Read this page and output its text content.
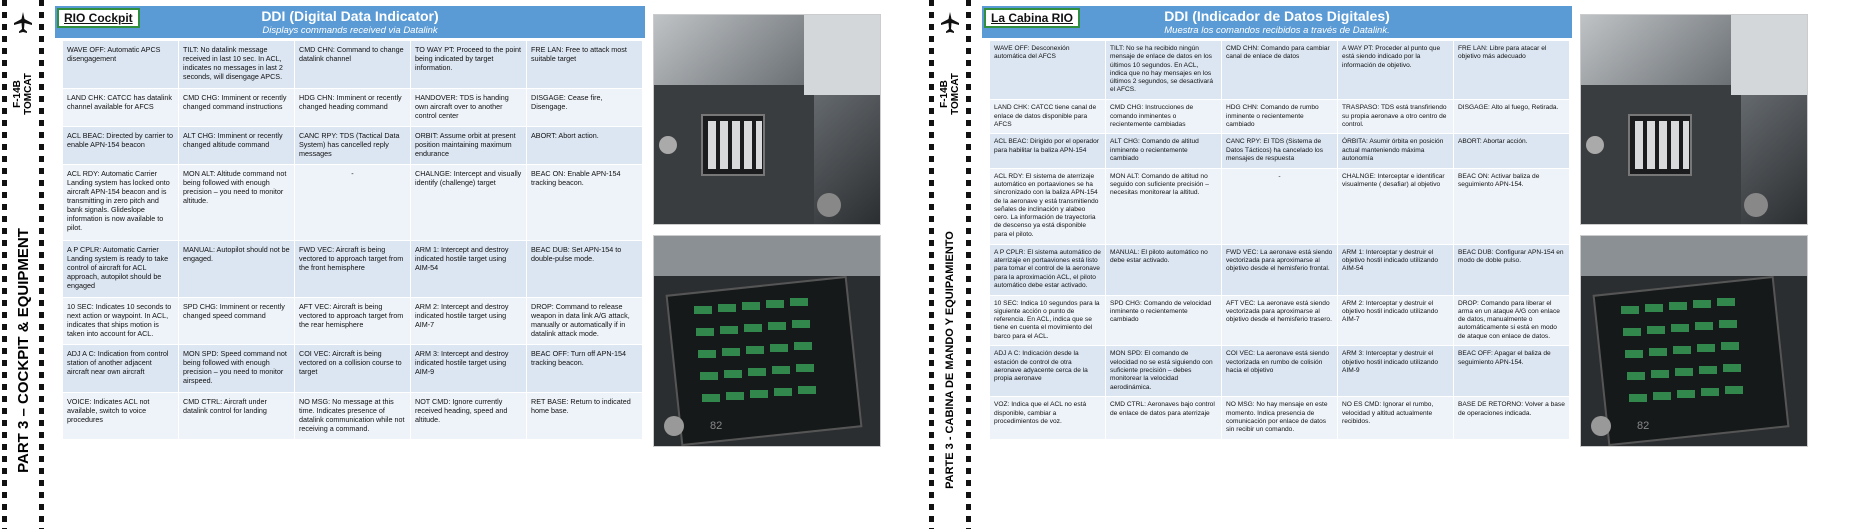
F-14B
TOMCAT
PART 3 – COCKPIT & EQUIPMENT
RIO Cockpit	DDI (Digital Data Indicator)
Displays commands received via Datalink
WAVE OFF: Automatic APCS disengagement	TILT: No datalink message received in last 10 sec. In ACL, indicates no messages in last 2 seconds, will disengage APCS.	CMD CHN: Command to change datalink channel	TO WAY PT: Proceed to the point being indicated by target information.	FRE LAN: Free to attack most suitable target
LAND CHK: CATCC has datalink channel available for AFCS	CMD CHG: Imminent or recently changed command instructions	HDG CHN: Imminent or recently changed heading command	HANDOVER: TDS is handing own aircraft over to another control center	DISGAGE: Cease fire, Disengage.
ACL BEAC: Directed by carrier to enable APN-154 beacon	ALT CHG: Imminent or recently changed altitude command	CANC RPY: TDS (Tactical Data System) has cancelled reply messages	ORBIT: Assume orbit at present position maintaining maximum endurance	ABORT: Abort action.
ACL RDY: Automatic Carrier Landing system has locked onto aircraft APN-154 beacon and is transmitting in zero pitch and bank signals. Glideslope information is now available to pilot.	MON ALT: Altitude command not being followed with enough precision – you need to monitor altitude.	-	CHALNGE: Intercept and visually identify (challenge) target	BEAC ON: Enable APN-154 tracking beacon.
A P CPLR: Automatic Carrier Landing system is ready to take control of aircraft for ACL approach, autopilot should be engaged	MANUAL: Autopilot should not be engaged.	FWD VEC: Aircraft is being vectored to approach target from the front hemisphere	ARM 1: Intercept and destroy indicated hostile target using AIM-54	BEAC DUB: Set APN-154 to double-pulse mode.
10 SEC: Indicates 10 seconds to next action or waypoint. In ACL, indicates that ships motion is taken into account for ACL.	SPD CHG: Imminent or recently changed speed command	AFT VEC: Aircraft is being vectored to approach target from the rear hemisphere	ARM 2: Intercept and destroy indicated hostile target using AIM-7	DROP: Command to release weapon in data link A/G attack, manually or automatically if in datalink attack mode.
ADJ A C: Indication from control station of another adjacent aircraft near own aircraft	MON SPD: Speed command not being followed with enough precision – you need to monitor airspeed.	COI VEC: Aircraft is being vectored on a collision course to target	ARM 3: Intercept and destroy indicated hostile target using AIM-9	BEAC OFF: Turn off APN-154 tracking beacon.
VOICE: Indicates ACL not available, switch to voice procedures	CMD CTRL: Aircraft under datalink control for landing	NO MSG: No message at this time. Indicates presence of datalink communication while not receiving a command.	NOT CMD: Ignore currently received heading, speed and altitude.	RET BASE: Return to indicated home base.
82
F-14B
TOMCAT
PARTE 3 - CABINA DE MANDO Y EQUIPAMIENTO
La Cabina RIO	DDI (Indicador de Datos Digitales)
Muestra los comandos recibidos a través de Datalink.
WAVE OFF: Desconexión automática del AFCS	TILT: No se ha recibido ningún mensaje de enlace de datos en los últimos 10 segundos. En ACL, indica que no hay mensajes en los últimos 2 segundos, se desactivará el AFCS.	CMD CHN: Comando para cambiar canal de enlace de datos	A WAY PT: Proceder al punto que está siendo indicado por la información de objetivo.	FRE LAN: Libre para atacar el objetivo más adecuado
LAND CHK: CATCC tiene canal de enlace de datos disponible para AFCS	CMD CHG: Instrucciones de comando inminentes o recientemente cambiadas	HDG CHN: Comando de rumbo inminente o recientemente cambiado	TRASPASO: TDS está transfiriendo su propia aeronave a otro centro de control.	DISGAGE: Alto al fuego, Retirada.
ACL BEAC: Dirigido por el operador para habilitar la baliza APN-154	ALT CHG: Comando de altitud inminente o recientemente cambiado	CANC RPY: El TDS (Sistema de Datos Tácticos) ha cancelado los mensajes de respuesta	ÓRBITA: Asumir órbita en posición actual manteniendo máxima autonomía	ABORT: Abortar acción.
ACL RDY: El sistema de aterrizaje automático en portaaviones se ha sincronizado con la baliza APN-154 de la aeronave y está transmitiendo señales de inclinación y alabeo cero. La información de trayectoria de descenso ya está disponible para el piloto.	MON ALT: Comando de altitud no seguido con suficiente precisión – necesitas monitorear la altitud.	-	CHALNGE: Interceptar e identificar visualmente ( desafiar) al objetivo	BEAC ON: Activar baliza de seguimiento APN-154.
A P CPLR: El sistema automático de aterrizaje en portaaviones está listo para tomar el control de la aeronave para la aproximación ACL, el piloto automático debe estar activado.	MANUAL: El piloto automático no debe estar activado.	FWD VEC: La aeronave está siendo vectorizada para aproximarse al objetivo desde el hemisferio frontal.	ARM 1: Interceptar y destruir el objetivo hostil indicado utilizando AIM-54	BEAC DUB: Configurar APN-154 en modo de doble pulso.
10 SEC: Indica 10 segundos para la siguiente acción o punto de referencia. En ACL, indica que se tiene en cuenta el movimiento del barco para el ACL.	SPD CHG: Comando de velocidad inminente o recientemente cambiado	AFT VEC: La aeronave está siendo vectorizada para aproximarse al objetivo desde el hemisferio trasero.	ARM 2: Interceptar y destruir el objetivo hostil indicado utilizando AIM-7	DROP: Comando para liberar el arma en un ataque A/G con enlace de datos, manualmente o automáticamente si está en modo de ataque con enlace de datos.
ADJ A C: Indicación desde la estación de control de otra aeronave adyacente cerca de la propia aeronave	MON SPD: El comando de velocidad no se está siguiendo con suficiente precisión – debes monitorear la velocidad aerodinámica.	COI VEC: La aeronave está siendo vectorizada en rumbo de colisión hacia el objetivo	ARM 3: Interceptar y destruir el objetivo hostil indicado utilizando AIM-9	BEAC OFF: Apagar el baliza de seguimiento APN-154.
VOZ: Indica que el ACL no está disponible, cambiar a procedimientos de voz.	CMD CTRL: Aeronaves bajo control de enlace de datos para aterrizaje	NO MSG: No hay mensaje en este momento. Indica presencia de comunicación por enlace de datos sin recibir un comando.	NO ES CMD: Ignorar el rumbo, velocidad y altitud actualmente recibidos.	BASE DE RETORNO: Volver a base de operaciones indicada.
82
